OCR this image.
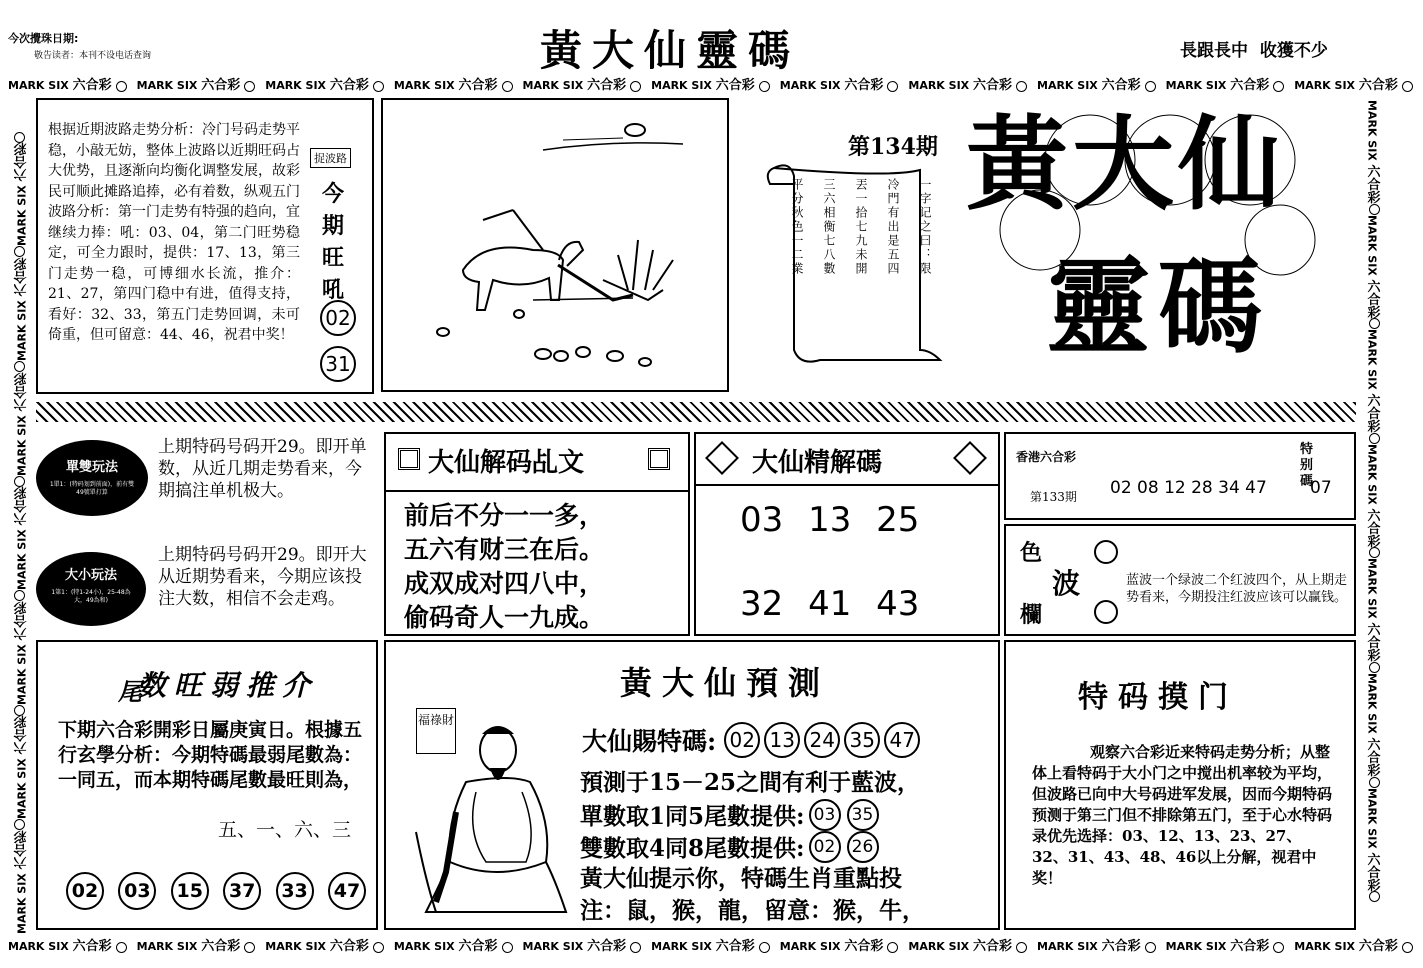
今次攪珠日期:
敬告读者：本刊不设电话查询	黃大仙靈碼	長跟長中  收獲不少
MARK SIX 六合彩 MARK SIX 六合彩 MARK SIX 六合彩 MARK SIX 六合彩 MARK SIX 六合彩 MARK SIX 六合彩 MARK SIX 六合彩 MARK SIX 六合彩 MARK SIX 六合彩 MARK SIX 六合彩 MARK SIX 六合彩
MARK SIX 六合彩 MARK SIX 六合彩 MARK SIX 六合彩 MARK SIX 六合彩 MARK SIX 六合彩 MARK SIX 六合彩 MARK SIX 六合彩 MARK SIX 六合彩 MARK SIX 六合彩 MARK SIX 六合彩 MARK SIX 六合彩
MARK SIX 六合彩MARK SIX 六合彩MARK SIX 六合彩MARK SIX 六合彩MARK SIX 六合彩MARK SIX 六合彩MARK SIX 六合彩	MARK SIX 六合彩MARK SIX 六合彩MARK SIX 六合彩MARK SIX 六合彩MARK SIX 六合彩MARK SIX 六合彩MARK SIX 六合彩
根据近期波路走势分析：冷门号码走势平稳，小敲无妨，整体上波路以近期旺码占大优势，且逐渐向均衡化调整发展，故彩民可顺此摊路追捧，必有着数，纵观五门波路分析：第一门走势有特强的趋向，宜继续力捧：吼：03、04，第二门旺势稳定，可全力跟时，提供：17、13，第三门走势一稳，可博细水长流，推介：21、27，第四门稳中有进，值得支持，看好：32、33，第五门走势回调，未可倚重，但可留意：44、46，祝君中奖！
捉波路
今期旺吼
02
31
第134期
一字记之曰：限
冷門有出是五四
丟一拾七九未開
三六相衡七八數
平分秋色一二業
黃大仙
靈碼
單雙玩法
1單1：(特码划到前面)，前有雙49號單打算
上期特码号码开29。即开单数，从近几期走势看来，今期搞注单机极大。
大小玩法
1第1：(特1-24小)，25-48為大，49為和)
上期特码号码开29。即开大从近期势看来，今期应该投注大数，相信不会走鸡。
大仙解码乩文
前后不分一一多，
五六有财三在后。
成双成对四八中，
偷码奇人一九成。
大仙精解碼
03 13 25
32 41 43
香港六合彩
第133期 02 08 12 28 34 47
特别碼
07
色
波
欄
蓝波一个绿波二个红波四个，从上期走势看来，今期投注红波应该可以赢钱。
尾
数旺弱推介
下期六合彩開彩日屬庚寅日。根據五行玄學分析：今期特碼最弱尾數為：一同五，而本期特碼尾數最旺則為，
五、一、六、三
02	03	15	37	33	47
黃大仙預測
福祿財
大仙賜特碼: 02 13 24 35 47
預測于15－25之間有利于藍波，
單數取1同5尾數提供: 03 35
雙數取4同8尾數提供: 02 26
黃大仙提示你，特碼生肖重點投
注：鼠，猴，龍，留意：猴，牛，
特码摸门
观察六合彩近来特码走势分析；从整体上看特码于大小门之中搅出机率较为平均，但波路已向中大号码进军发展，因而今期特码预测于第三门但不排除第五门，至于心水特码录优先选择：03、12、13、23、27、32、31、43、48、46以上分解，视君中奖！
